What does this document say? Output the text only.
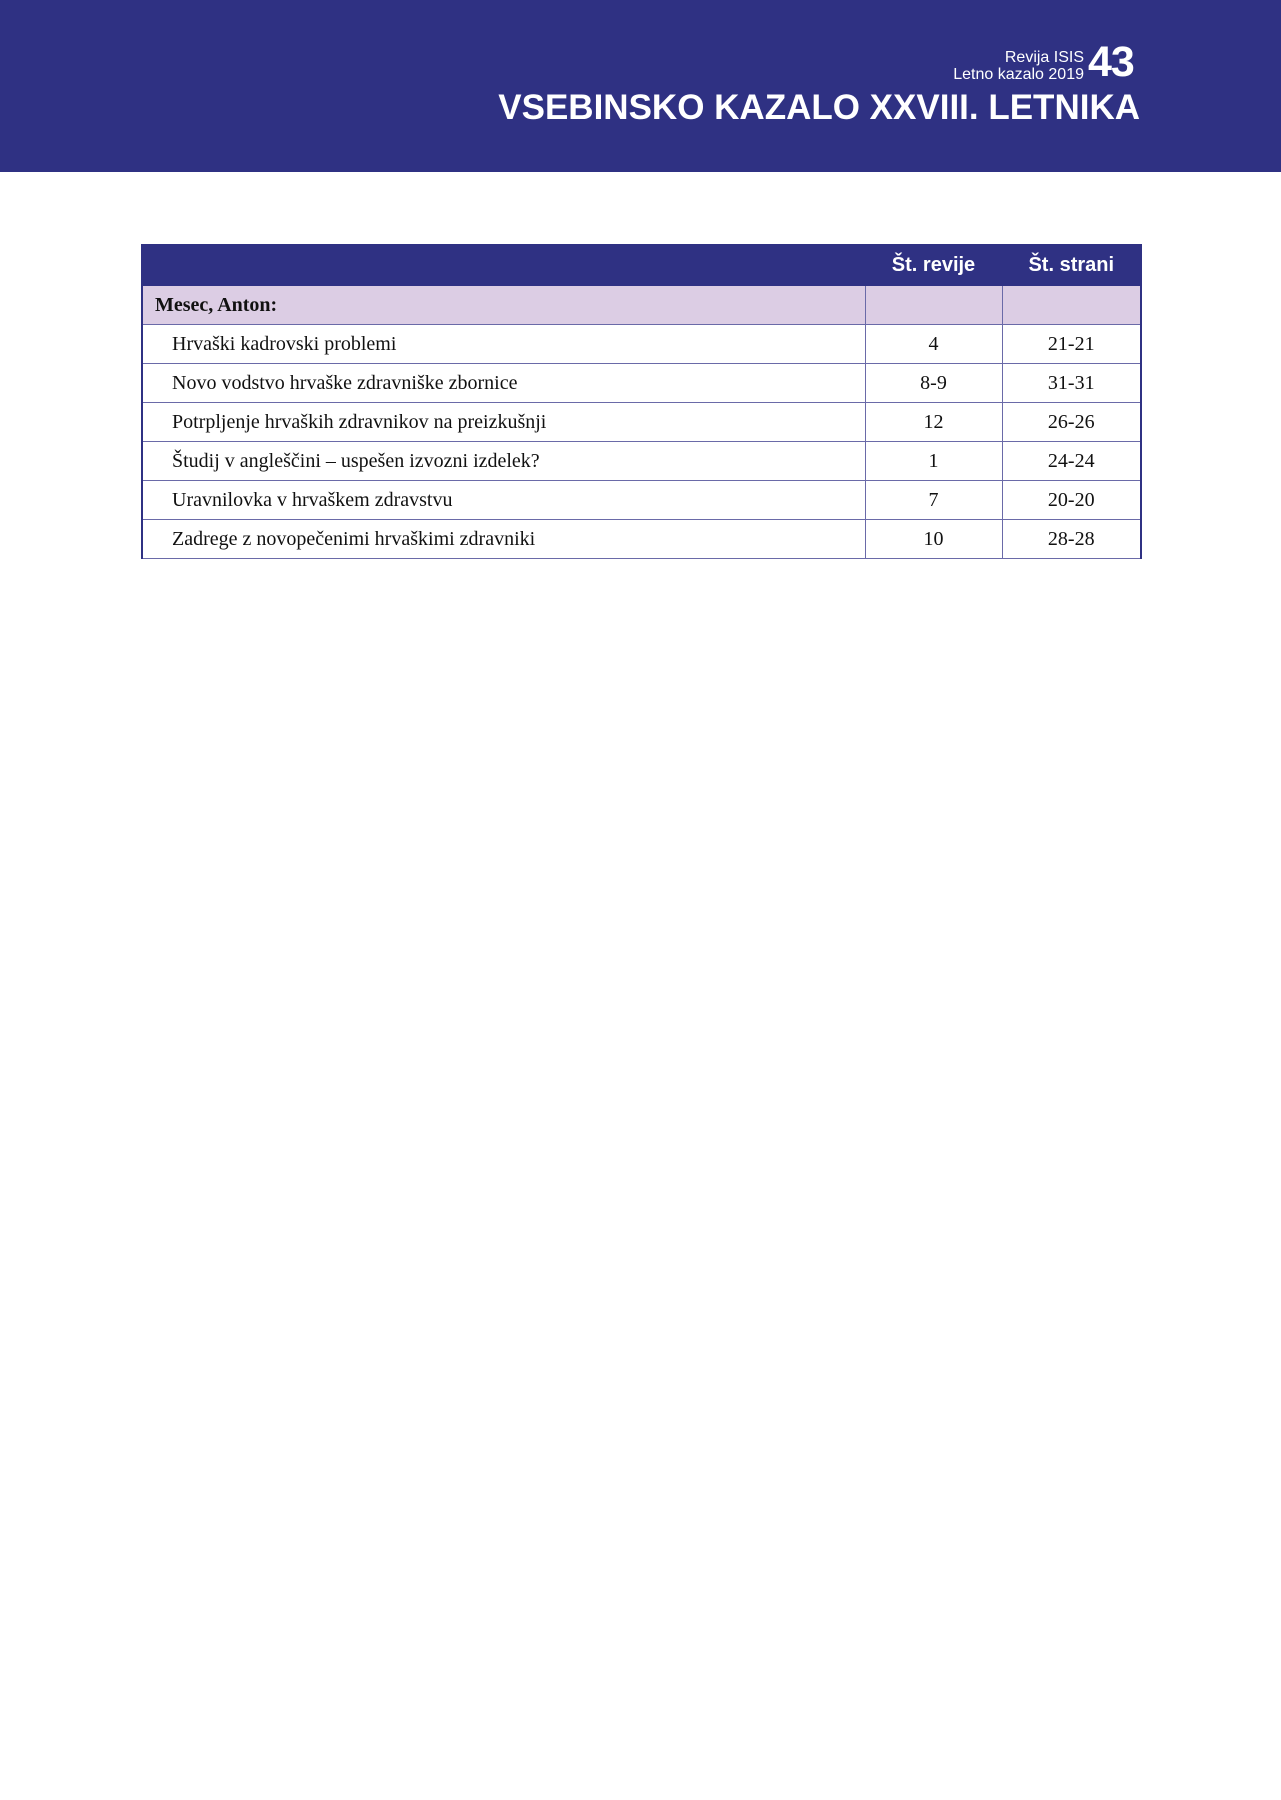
Revija ISIS
Letno kazalo 2019 43
VSEBINSKO KAZALO XXVIII. LETNIKA
	Št. revije	Št. strani
Mesec, Anton:		
Hrvaški kadrovski problemi	4	21-21
Novo vodstvo hrvaške zdravniške zbornice	8-9	31-31
Potrpljenje hrvaških zdravnikov na preizkušnji	12	26-26
Študij v angleščini – uspešen izvozni izdelek?	1	24-24
Uravnilovka v hrvaškem zdravstvu	7	20-20
Zadrege z novopečenimi hrvaškimi zdravniki	10	28-28
